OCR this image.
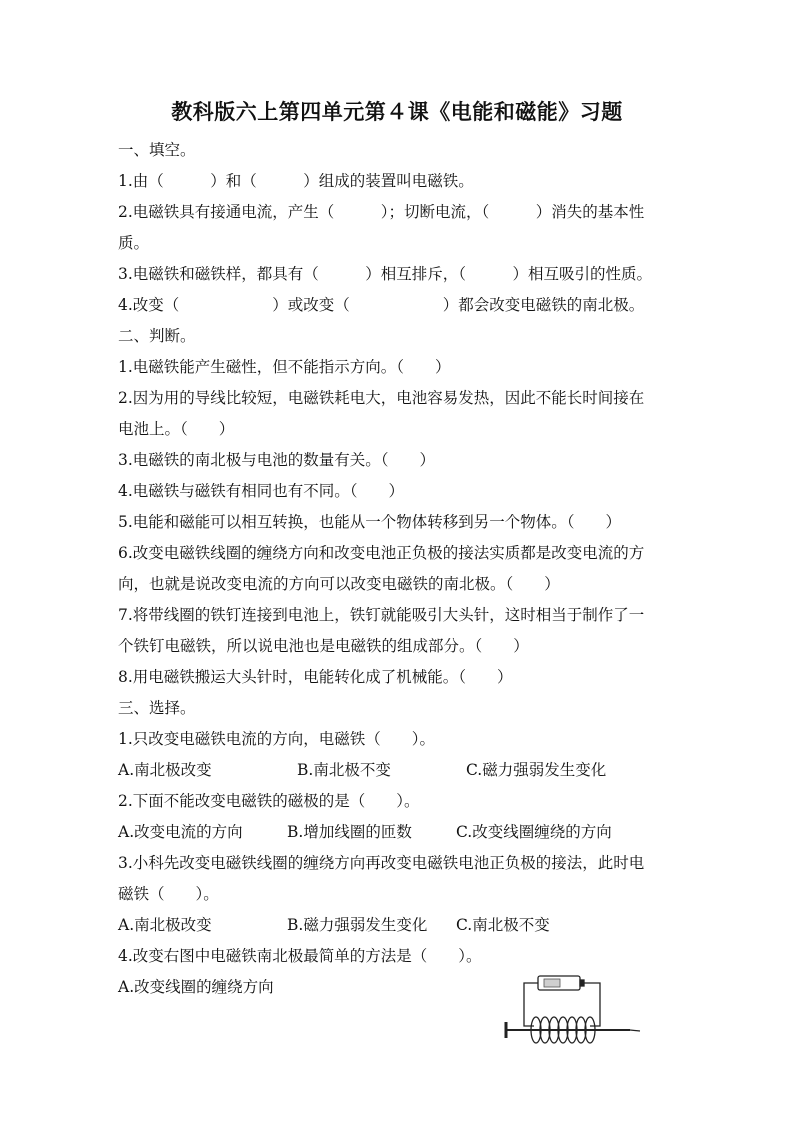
教科版六上第四单元第４课《电能和磁能》习题
一、填空。
1.由（　　　）和（　　　）组成的装置叫电磁铁。
2.电磁铁具有接通电流，产生（　　　）；切断电流，（　　　）消失的基本性
质。
3.电磁铁和磁铁样，都具有（　　　）相互排斥，（　　　）相互吸引的性质。
4.改变（　　　　　　）或改变（　　　　　　）都会改变电磁铁的南北极。
二、判断。
1.电磁铁能产生磁性，但不能指示方向。（　　）
2.因为用的导线比较短，电磁铁耗电大，电池容易发热，因此不能长时间接在
电池上。（　　）
3.电磁铁的南北极与电池的数量有关。（　　）
4.电磁铁与磁铁有相同也有不同。（　　）
5.电能和磁能可以相互转换，也能从一个物体转移到另一个物体。（　　）
6.改变电磁铁线圈的缠绕方向和改变电池正负极的接法实质都是改变电流的方
向，也就是说改变电流的方向可以改变电磁铁的南北极。（　　）
7.将带线圈的铁钉连接到电池上，铁钉就能吸引大头针，这时相当于制作了一
个铁钉电磁铁，所以说电池也是电磁铁的组成部分。（　　）
8.用电磁铁搬运大头针时，电能转化成了机械能。（　　）
三、选择。
1.只改变电磁铁电流的方向，电磁铁（　　）。
A.南北极改变	B.南北极不变	C.磁力强弱发生变化
2.下面不能改变电磁铁的磁极的是（　　）。
A.改变电流的方向	B.增加线圈的匝数	C.改变线圈缠绕的方向
3.小科先改变电磁铁线圈的缠绕方向再改变电磁铁电池正负极的接法，此时电
磁铁（　　）。
A.南北极改变	B.磁力强弱发生变化 C.南北极不变
4.改变右图中电磁铁南北极最简单的方法是（　　）。
A.改变线圈的缠绕方向
